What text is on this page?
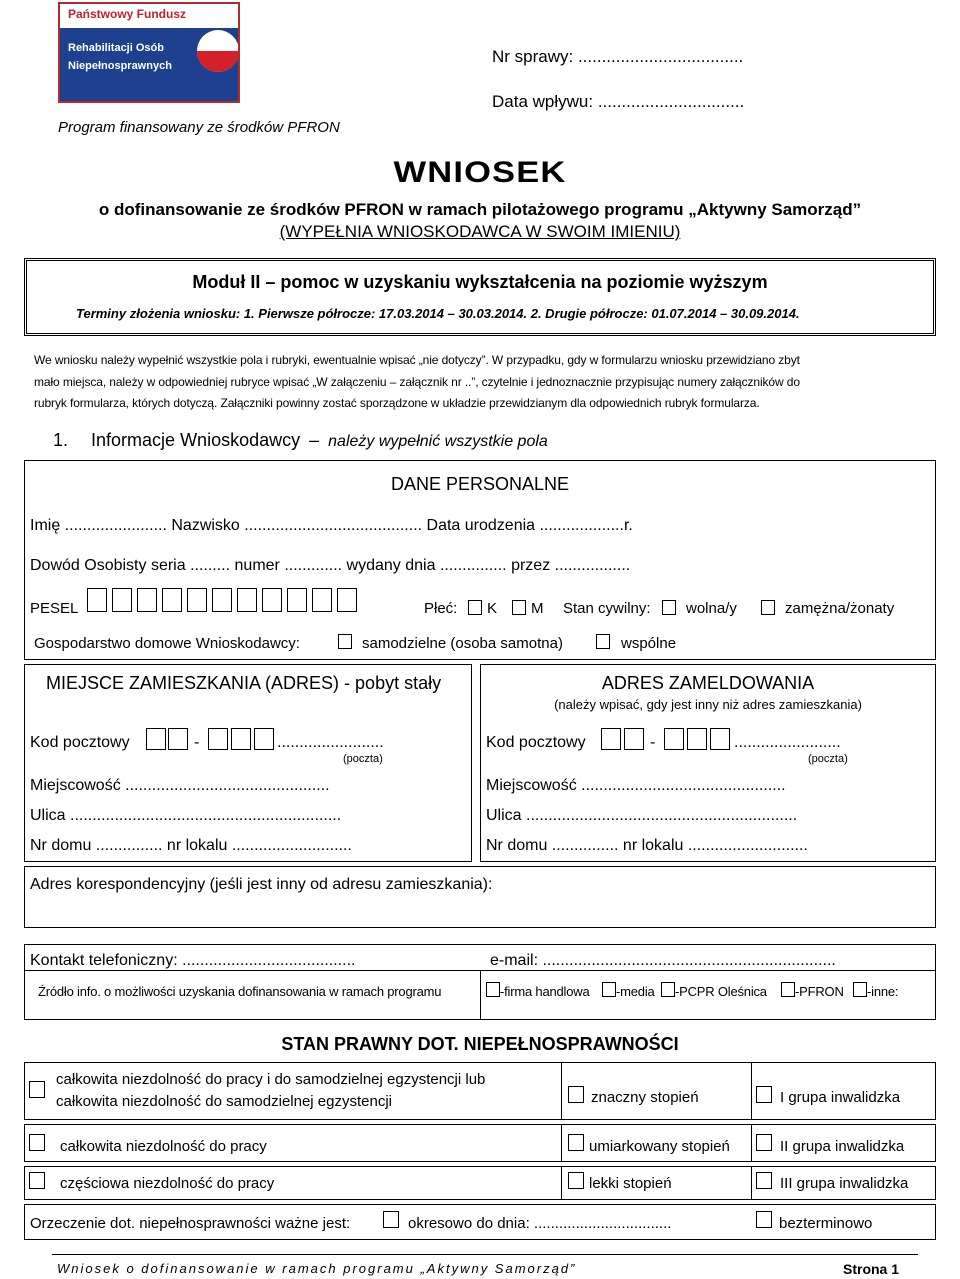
Państwowy Fundusz
Rehabilitacji Osób
Niepełnosprawnych
Program finansowany ze środków PFRON
Nr sprawy: ...................................
Data wpływu: ...............................
WNIOSEK
o dofinansowanie ze środków PFRON w ramach pilotażowego programu „Aktywny Samorząd”
(WYPEŁNIA WNIOSKODAWCA W SWOIM IMIENIU)
Moduł II – pomoc w uzyskaniu wykształcenia na poziomie wyższym
Terminy złożenia wniosku: 1. Pierwsze półrocze: 17.03.2014 – 30.03.2014. 2. Drugie półrocze: 01.07.2014 – 30.09.2014.
We wniosku należy wypełnić wszystkie pola i rubryki, ewentualnie wpisać „nie dotyczy”. W przypadku, gdy w formularzu wniosku przewidziano zbyt
mało miejsca, należy w odpowiedniej rubryce wpisać „W załączeniu – załącznik nr ..”, czytelnie i jednoznacznie przypisując numery załączników do
rubryk formularza, których dotyczą. Załączniki powinny zostać sporządzone w układzie przewidzianym dla odpowiednich rubryk formularza.
1. Informacje Wnioskodawcy – należy wypełnić wszystkie pola
DANE PERSONALNE
Imię ....................... Nazwisko ........................................ Data urodzenia ...................r.
Dowód Osobisty seria ......... numer ............. wydany dnia ............... przez .................
PESEL	Płeć: K M Stan cywilny: wolna/y	zamężna/żonaty
Gospodarstwo domowe Wnioskodawcy:	samodzielne (osoba samotna)	wspólne
MIEJSCE ZAMIESZKANIA (ADRES) - pobyt stały	ADRES ZAMELDOWANIA
(należy wpisać, gdy jest inny niż adres zamieszkania)
Kod pocztowy	-	........................
(poczta)
Miejscowość ..............................................
Ulica .............................................................
Nr domu ............... nr lokalu ...........................
Kod pocztowy	-	........................
(poczta)
Miejscowość ..............................................
Ulica .............................................................
Nr domu ............... nr lokalu ...........................
Adres korespondencyjny (jeśli jest inny od adresu zamieszkania):
Kontakt telefoniczny: .......................................	e-mail: ..................................................................
Źródło info. o możliwości uzyskania dofinansowania w ramach programu	-firma handlowa -media -PCPR Oleśnica -PFRON -inne:
STAN PRAWNY DOT. NIEPEŁNOSPRAWNOŚCI
całkowita niezdolność do pracy i do samodzielnej egzystencji lub
całkowita niezdolność do samodzielnej egzystencji	znaczny stopień	I grupa inwalidzka
całkowita niezdolność do pracy	umiarkowany stopień	II grupa inwalidzka
częściowa niezdolność do pracy	lekki stopień	III grupa inwalidzka
Orzeczenie dot. niepełnosprawności ważne jest:	okresowo do dnia: .................................	bezterminowo
Wniosek o dofinansowanie w ramach programu „Aktywny Samorząd”	Strona 1
